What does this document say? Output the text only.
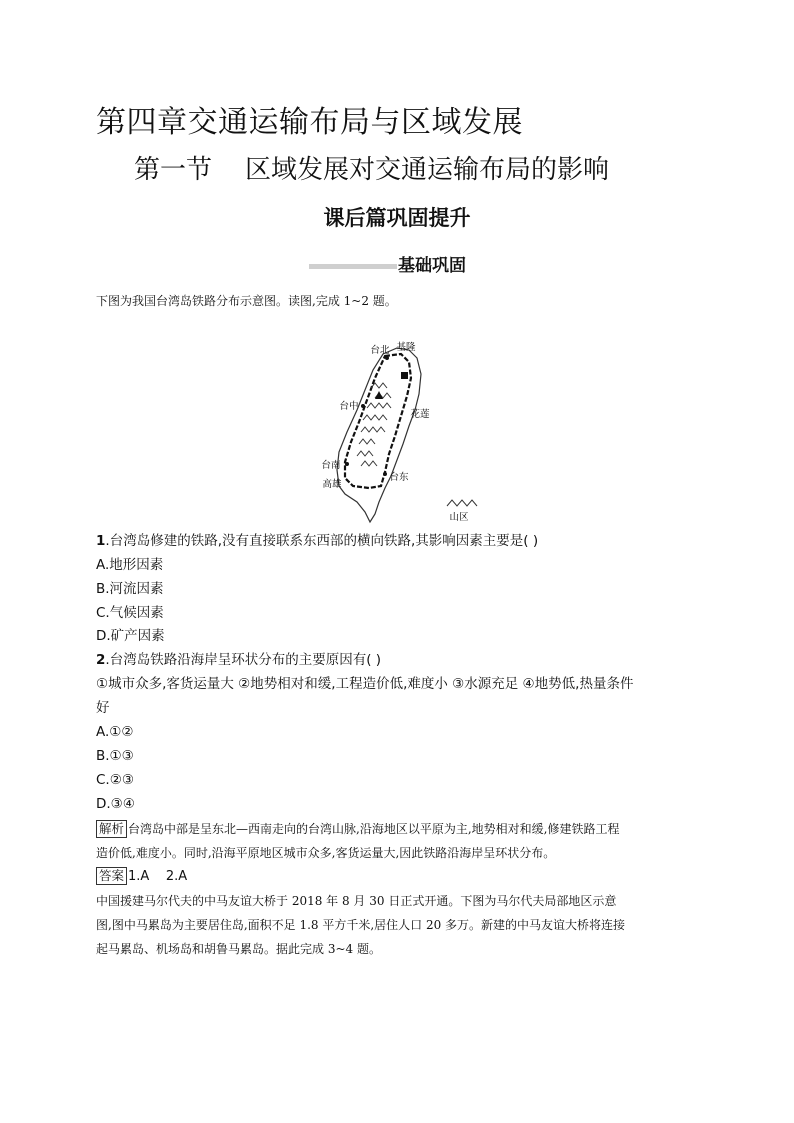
第四章交通运输布局与区域发展
第一节    区域发展对交通运输布局的影响
课后篇巩固提升
基础巩固
下图为我国台湾岛铁路分布示意图。读图,完成 1~2 题。
台北 基隆
台中
花莲
台南
高雄
台东
山区
1.台湾岛修建的铁路,没有直接联系东西部的横向铁路,其影响因素主要是( )
A.地形因素
B.河流因素
C.气候因素
D.矿产因素
2.台湾岛铁路沿海岸呈环状分布的主要原因有( )
①城市众多,客货运量大 ②地势相对和缓,工程造价低,难度小 ③水源充足 ④地势低,热量条件
好
A.①②
B.①③
C.②③
D.③④
解析 台湾岛中部是呈东北—西南走向的台湾山脉,沿海地区以平原为主,地势相对和缓,修建铁路工程
造价低,难度小。同时,沿海平原地区城市众多,客货运量大,因此铁路沿海岸呈环状分布。
答案 1.A    2.A
中国援建马尔代夫的中马友谊大桥于 2018 年 8 月 30 日正式开通。下图为马尔代夫局部地区示意
图,图中马累岛为主要居住岛,面积不足 1.8 平方千米,居住人口 20 多万。新建的中马友谊大桥将连接
起马累岛、机场岛和胡鲁马累岛。据此完成 3~4 题。
